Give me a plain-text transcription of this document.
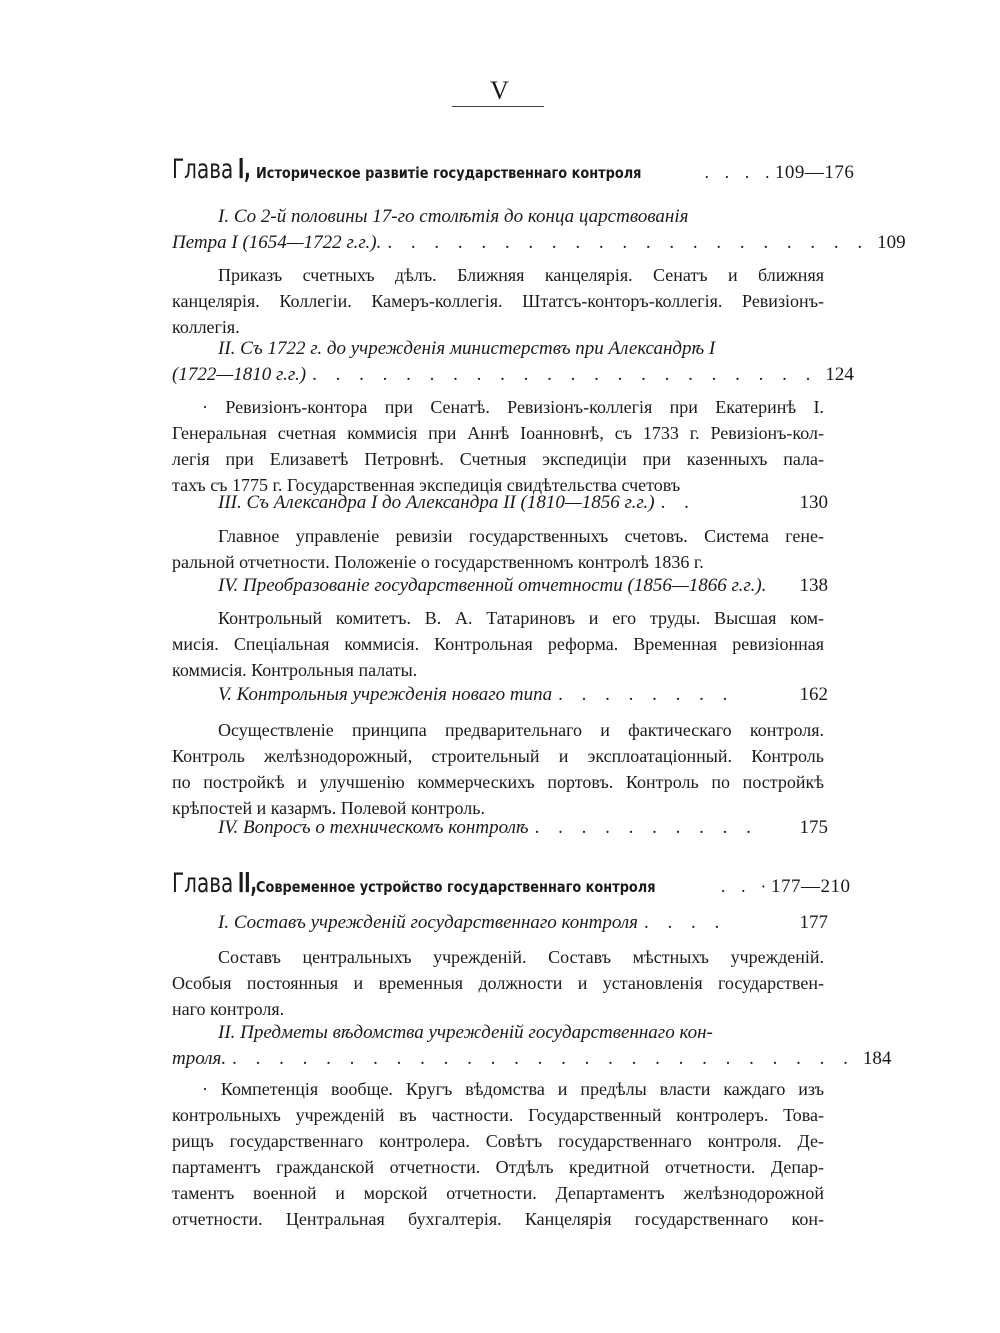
V
Глава I, Историческое развитіе государственнаго контроля	. . . . 109—176
I. Со 2-й половины 17-го столѣтія до конца царствованія
Петра I (1654—1722 г.г.). . . . . . . . . . . . . . . . . . . . . . 109
Приказъ счетныхъ дѣлъ. Ближняя канцелярія. Сенатъ и ближняя
канцелярія. Коллегіи. Камеръ-коллегія. Штатсъ-конторъ-коллегія. Ревизіонъ-
коллегія.
II. Съ 1722 г. до учрежденія министерствъ при Александрѣ I
(1722—1810 г.г.) . . . . . . . . . . . . . . . . . . . . . . 124
· Ревизіонъ-контора при Сенатѣ. Ревизіонъ-коллегія при Екатеринѣ I.
Генеральная счетная коммисія при Аннѣ Іоанновнѣ, съ 1733 г. Ревизіонъ-кол-
легія при Елизаветѣ Петровнѣ. Счетныя экспедиціи при казенныхъ пала-
тахъ съ 1775 г. Государственная экспедиція свидѣтельства счетовъ
III. Съ Александра I до Александра II (1810—1856 г.г.) . .	130
Главное управленіе ревизіи государственныхъ счетовъ. Система гене-
ральной отчетности. Положеніе о государственномъ контролѣ 1836 г.
IV. Преобразованіе государственной отчетности (1856—1866 г.г.). 138
Контрольный комитетъ. В. А. Татариновъ и его труды. Высшая ком-
мисія. Спеціальная коммисія. Контрольная реформа. Временная ревизіонная
коммисія. Контрольныя палаты.
V. Контрольныя учрежденія новаго типа . . . . . . . .	162
Осуществленіе принципа предварительнаго и фактическаго контроля.
Контроль желѣзнодорожный, строительный и эксплоатаціонный. Контроль
по постройкѣ и улучшенію коммерческихъ портовъ. Контроль по постройкѣ
крѣпостей и казармъ. Полевой контроль.
IV. Вопросъ о техническомъ контролѣ . . . . . . . . . .	175
Глава II, Современное устройство государственнаго контроля	. . · 177—210
I. Составъ учрежденій государственнаго контроля . . . .	177
Составъ центральныхъ учрежденій. Составъ мѣстныхъ учрежденій.
Особыя постоянныя и временныя должности и установленія государствен-
наго контроля.
II. Предметы вѣдомства учрежденій государственнаго кон-
троля. . . . . . . . . . . . . . . . . . . . . . . . . . . . 184
· Компетенція вообще. Кругъ вѣдомства и предѣлы власти каждаго изъ
контрольныхъ учрежденій въ частности. Государственный контролеръ. Това-
рищъ государственнаго контролера. Совѣтъ государственнаго контроля. Де-
партаментъ гражданской отчетности. Отдѣлъ кредитной отчетности. Депар-
таментъ военной и морской отчетности. Департаментъ желѣзнодорожной
отчетности. Центральная бухгалтерія. Канцелярія государственнаго кон-
